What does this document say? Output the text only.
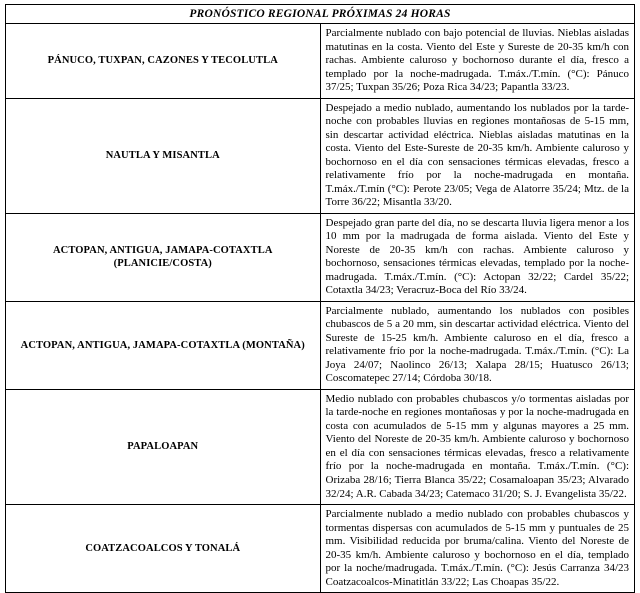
PRONÓSTICO REGIONAL PRÓXIMAS 24 HORAS	
PÁNUCO, TUXPAN, CAZONES Y TECOLUTLA	Parcialmente nublado con bajo potencial de lluvias. Nieblas aisladas matutinas en la costa. Viento del Este y Sureste de 20-35 km/h con rachas. Ambiente caluroso y bochornoso durante el día, fresco a templado por la noche-madrugada. T.máx./T.mín. (°C): Pánuco 37/25; Tuxpan 35/26; Poza Rica 34/23; Papantla 33/23.
NAUTLA Y MISANTLA	Despejado a medio nublado, aumentando los nublados por la tarde-noche con probables lluvias en regiones montañosas de 5-15 mm, sin descartar actividad eléctrica. Nieblas aisladas matutinas en la costa. Viento del Este-Sureste de 20-35 km/h. Ambiente caluroso y bochornoso en el día con sensaciones térmicas elevadas, fresco a relativamente frío por la noche-madrugada en montaña. T.máx./T.mín (°C): Perote 23/05; Vega de Alatorre 35/24; Mtz. de la Torre 36/22; Misantla 33/20.
ACTOPAN, ANTIGUA, JAMAPA-COTAXTLA (PLANICIE/COSTA)	Despejado gran parte del día, no se descarta lluvia ligera menor a los 10 mm por la madrugada de forma aislada. Viento del Este y Noreste de 20-35 km/h con rachas. Ambiente caluroso y bochornoso, sensaciones térmicas elevadas, templado por la noche-madrugada. T.máx./T.mín. (°C): Actopan 32/22; Cardel 35/22; Cotaxtla 34/23; Veracruz-Boca del Río 33/24.
ACTOPAN, ANTIGUA, JAMAPA-COTAXTLA (MONTAÑA)	Parcialmente nublado, aumentando los nublados con posibles chubascos de 5 a 20 mm, sin descartar actividad eléctrica. Viento del Sureste de 15-25 km/h. Ambiente caluroso en el día, fresco a relativamente frío por la noche-madrugada. T.máx./T.mín. (°C): La Joya 24/07; Naolinco 26/13; Xalapa 28/15; Huatusco 26/13; Coscomatepec 27/14; Córdoba 30/18.
PAPALOAPAN	Medio nublado con probables chubascos y/o tormentas aisladas por la tarde-noche en regiones montañosas y por la noche-madrugada en costa con acumulados de 5-15 mm y algunas mayores a 25 mm. Viento del Noreste de 20-35 km/h. Ambiente caluroso y bochornoso en el día con sensaciones térmicas elevadas, fresco a relativamente frío por la noche-madrugada en montaña. T.máx./T.mín. (°C): Orizaba 28/16; Tierra Blanca 35/22; Cosamaloapan 35/23; Alvarado 32/24; A.R. Cabada 34/23; Catemaco 31/20; S. J. Evangelista 35/22.
COATZACOALCOS Y TONALÁ	Parcialmente nublado a medio nublado con probables chubascos y tormentas dispersas con acumulados de 5-15 mm y puntuales de 25 mm. Visibilidad reducida por bruma/calina. Viento del Noreste de 20-35 km/h. Ambiente caluroso y bochornoso en el día, templado por la noche/madrugada. T.máx./T.mín. (°C): Jesús Carranza 34/23 Coatzacoalcos-Minatitlán 33/22; Las Choapas 35/22.
